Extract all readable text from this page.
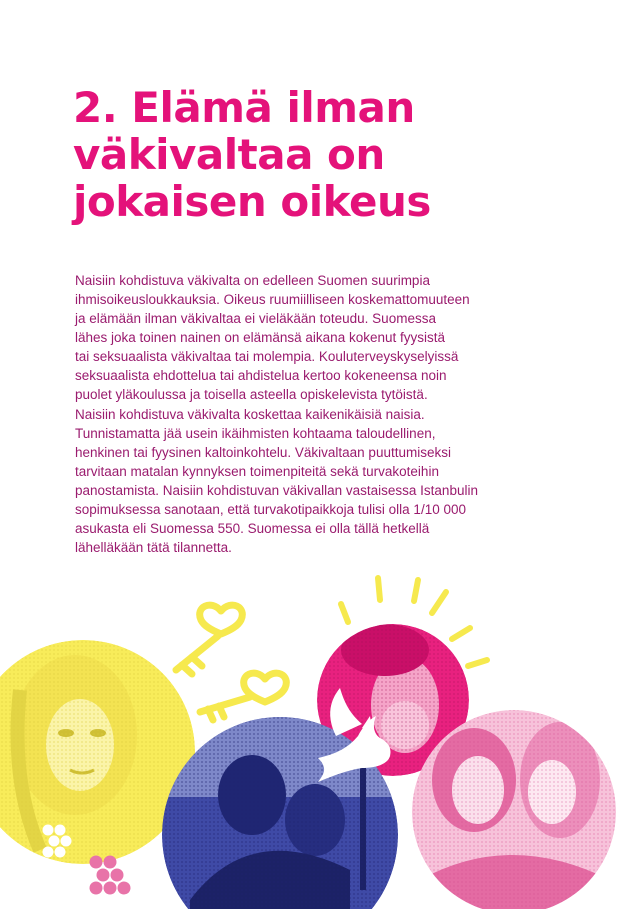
2. Elämä ilman
väkivaltaa on
jokaisen oikeus

Naisiin kohdistuva väkivalta on edelleen Suomen suurimpia
ihmisoikeusloukkauksia. Oikeus ruumiilliseen koskemattomuuteen
ja elämään ilman väkivaltaa ei vieläkään toteudu. Suomessa
lähes joka toinen nainen on elämänsä aikana kokenut fyysistä
tai seksuaalista väkivaltaa tai molempia. Kouluterveyskyselyissä
seksuaalista ehdottelua tai ahdistelua kertoo kokeneensa noin
puolet yläkoulussa ja toisella asteella opiskelevista tytöistä.

Naisiin kohdistuva väkivalta koskettaa kaikenikäisiä naisia.
Tunnistamatta jää usein ikäihmisten kohtaama taloudellinen,
henkinen tai fyysinen kaltoinkohtelu. Väkivaltaan puuttumiseksi
tarvitaan matalan kynnyksen toimenpiteitä sekä turvakoteihin
panostamista. Naisiin kohdistuvan väkivallan vastaisessa Istanbulin
sopimuksessa sanotaan, että turvakotipaikkoja tulisi olla 1/10 000
asukasta eli Suomessa 550. Suomessa ei olla tällä hetkellä
lähelläkään tätä tilannetta.
